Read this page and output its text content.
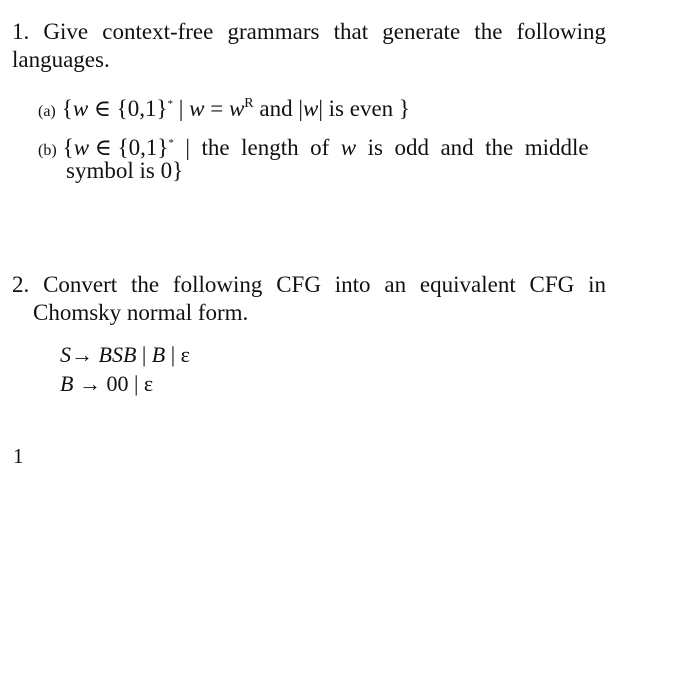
1. Give context-free grammars that generate the following
languages.
(a) {w ∈ {0,1}* | $w = w^R$ and |w| is even }
(b) {w ∈ {0,1}*  |  the  length  of  w  is  odd  and  the  middle
symbol is 0}
2. Convert the following CFG into an equivalent CFG in
Chomsky normal form.
S→ BSB | B | ε
B → 00 | ε
1
